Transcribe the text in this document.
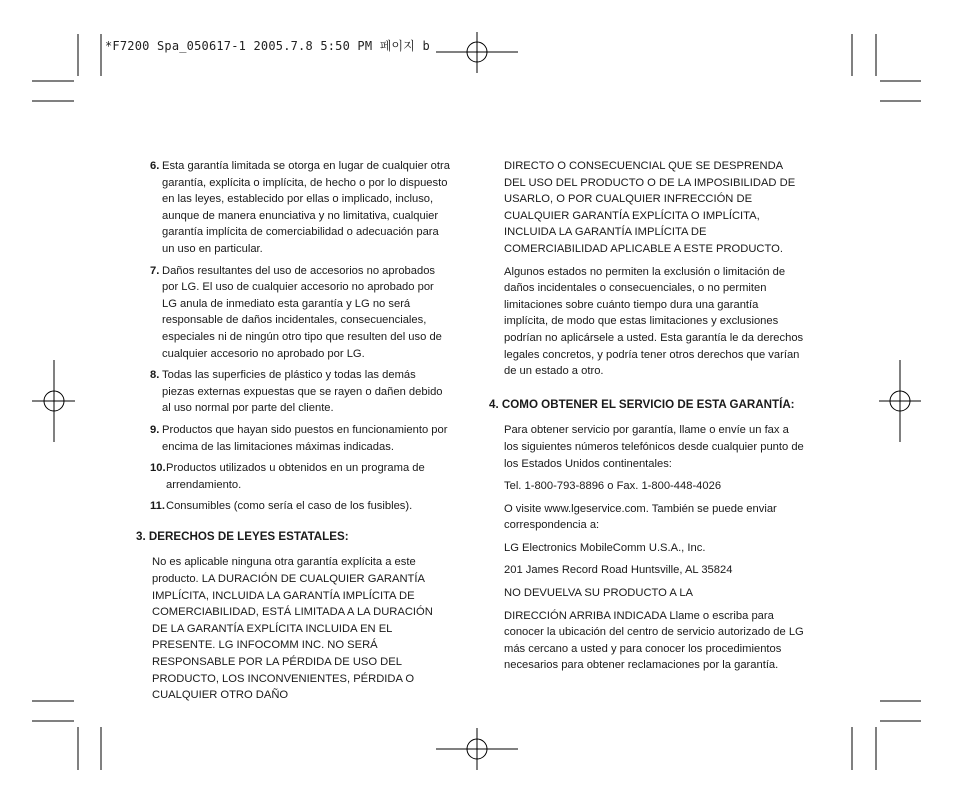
*F7200 Spa_050617-1 2005.7.8 5:50 PM 페이지 b
6. Esta garantía limitada se otorga en lugar de cualquier otra garantía, explícita o implícita, de hecho o por lo dispuesto en las leyes, establecido por ellas o implicado, incluso, aunque de manera enunciativa y no limitativa, cualquier garantía implícita de comerciabilidad o adecuación para un uso en particular.
7. Daños resultantes del uso de accesorios no aprobados por LG. El uso de cualquier accesorio no aprobado por LG anula de inmediato esta garantía y LG no será responsable de daños incidentales, consecuenciales, especiales ni de ningún otro tipo que resulten del uso de cualquier accesorio no aprobado por LG.
8. Todas las superficies de plástico y todas las demás piezas externas expuestas que se rayen o dañen debido al uso normal por parte del cliente.
9. Productos que hayan sido puestos en funcionamiento por encima de las limitaciones máximas indicadas.
10. Productos utilizados u obtenidos en un programa de arrendamiento.
11. Consumibles (como sería el caso de los fusibles).
3. DERECHOS DE LEYES ESTATALES:
No es aplicable ninguna otra garantía explícita a este producto. LA DURACIÓN DE CUALQUIER GARANTÍA IMPLÍCITA, INCLUIDA LA GARANTÍA IMPLÍCITA DE COMERCIABILIDAD, ESTÁ LIMITADA A LA DURACIÓN DE LA GARANTÍA EXPLÍCITA INCLUIDA EN EL PRESENTE. LG INFOCOMM INC. NO SERÁ RESPONSABLE POR LA PÉRDIDA DE USO DEL PRODUCTO, LOS INCONVENIENTES, PÉRDIDA O CUALQUIER OTRO DAÑO
DIRECTO O CONSECUENCIAL QUE SE DESPRENDA DEL USO DEL PRODUCTO O DE LA IMPOSIBILIDAD DE USARLO, O POR CUALQUIER INFRECCIÓN DE CUALQUIER GARANTÍA EXPLÍCITA O IMPLÍCITA, INCLUIDA LA GARANTÍA IMPLÍCITA DE COMERCIABILIDAD APLICABLE A ESTE PRODUCTO.
Algunos estados no permiten la exclusión o limitación de daños incidentales o consecuenciales, o no permiten limitaciones sobre cuánto tiempo dura una garantía implícita, de modo que estas limitaciones y exclusiones podrían no aplicársele a usted. Esta garantía le da derechos legales concretos, y podría tener otros derechos que varían de un estado a otro.
4. COMO OBTENER EL SERVICIO DE ESTA GARANTÍA:
Para obtener servicio por garantía, llame o envíe un fax a los siguientes números telefónicos desde cualquier punto de los Estados Unidos continentales:
Tel. 1-800-793-8896 o Fax. 1-800-448-4026
O visite www.lgeservice.com. También se puede enviar correspondencia a:
LG Electronics MobileComm U.S.A., Inc.
201 James Record Road Huntsville, AL 35824
NO DEVUELVA SU PRODUCTO A LA
DIRECCIÓN ARRIBA INDICADA Llame o escriba para conocer la ubicación del centro de servicio autorizado de LG más cercano a usted y para conocer los procedimientos necesarios para obtener reclamaciones por la garantía.
